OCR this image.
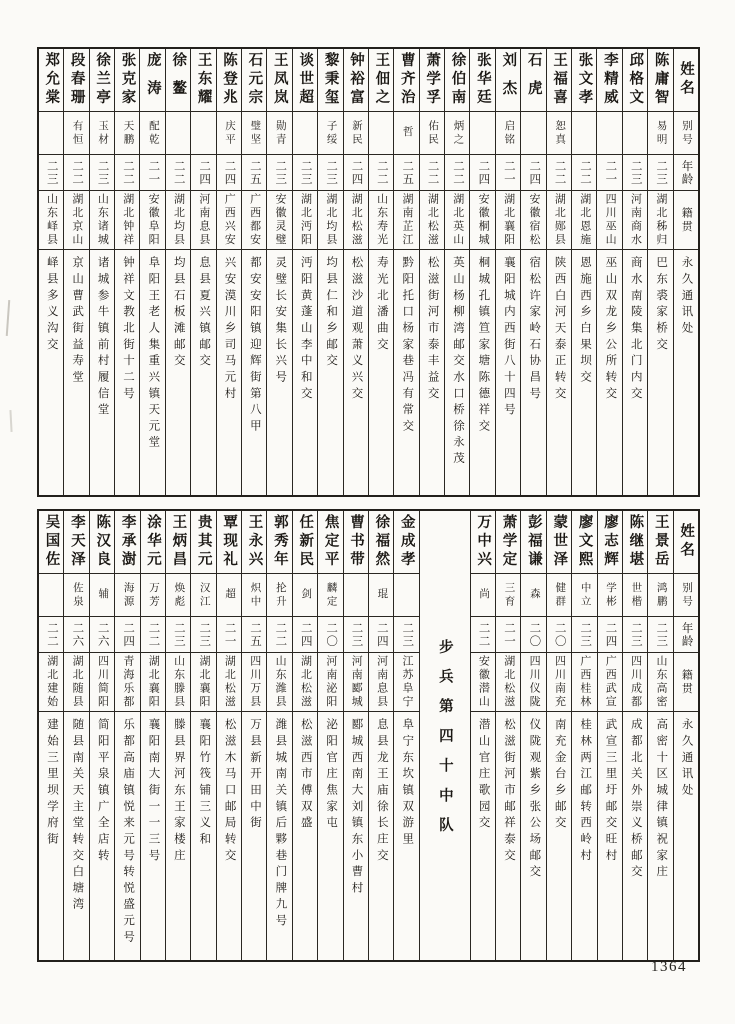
姓名
别号
年龄
籍贯
永久通讯处
陈庸智
易明
二三
湖北秭归
巴东裘家桥交
邱格文
二三
河南商水
商水南陵集北门内交
李精威
二一
四川巫山
巫山双龙乡公所转交
张文孝
二二
湖北恩施
恩施西乡白果坝交
王福喜
恕真
二二
湖北郧县
陕西白河天泰正转交
石虎
二四
安徽宿松
宿松许家岭石协昌号
刘杰
启铭
二一
湖北襄阳
襄阳城内西街八十四号
张华廷
二四
安徽桐城
桐城孔镇笪家塘陈德祥交
徐伯南
炳之
二二
湖北英山
英山杨柳湾邮交水口桥徐永茂
萧学孚
佑民
二二
湖北松滋
松滋街河市泰丰益交
曹齐治
哲
二五
湖南芷江
黔阳托口杨家巷冯有常交
王佃之
二二
山东寿光
寿光北潘曲交
钟裕富
新民
二四
湖北松滋
松滋沙道观萧义兴交
黎秉玺
子绥
二三
湖北均县
均县仁和乡邮交
谈世超
二三
湖北沔阳
沔阳黄蓬山李中和交
王凤岚
勋青
二三
安徽灵璧
灵璧长安集长兴号
石元宗
璧坚
二五
广西都安
都安安阳镇迎辉街第八甲
陈登兆
庆平
二四
广西兴安
兴安漠川乡司马元村
王东耀
二四
河南息县
息县夏兴镇邮交
徐鳌
二二
湖北均县
均县石板滩邮交
庞涛
配乾
二一
安徽阜阳
阜阳王老人集重兴镇天元堂
张克家
天鹏
二二
湖北钟祥
钟祥文教北街十二号
徐兰亭
玉材
二三
山东诸城
诸城参牛镇前村履信堂
段春珊
有恒
二二
湖北京山
京山曹武街益寿堂
郑允棠
二三
山东峄县
峄县多义沟交
姓名
别号
年龄
籍贯
永久通讯处
王景岳
鸿鹏
二三
山东高密
高密十区城律镇祝家庄
陈继堪
世楷
二三
四川成都
成都北关外崇义桥邮交
廖志辉
学彬
二四
广西武宣
武宣三里圩邮交旺村
廖文熙
中立
二三
广西桂林
桂林两江邮转西岭村
蒙世泽
健群
二〇
四川南充
南充金台乡邮交
彭福谦
森
二〇
四川仪陇
仪陇观紫乡张公场邮交
萧学定
三育
二一
湖北松滋
松滋街河市邮祥泰交
万中兴
尚
二二
安徽潜山
潜山官庄歌园交
步兵第四十中队
金成孝
二三
江苏阜宁
阜宁东坎镇双游里
徐福然
琨
二四
河南息县
息县龙王庙徐长庄交
曹书带
二三
河南郾城
郾城西南大刘镇东小曹村
焦定平
麟定
二〇
河南泌阳
泌阳官庄焦家屯
任新民
剑
二四
湖北松滋
松滋西市傅双盛
郭秀年
抡升
二二
山东潍县
潍县城南关镇后夥巷门牌九号
王永兴
炽中
二五
四川万县
万县新开田中街
覃现礼
超
二一
湖北松滋
松滋木马口邮局转交
贵其元
汉江
二三
湖北襄阳
襄阳竹筏铺三义和
王炳昌
焕彪
二三
山东滕县
滕县界河东王家楼庄
涂华元
万芳
二二
湖北襄阳
襄阳南大街一一三号
李承澍
海源
二四
青海乐都
乐都高庙镇悦来元号转悦盛元号
陈汉良
辅
二六
四川简阳
简阳平泉镇广全店转
李天泽
佐泉
二六
湖北随县
随县南关天主堂转交白塘湾
吴国佐
二二
湖北建始
建始三里坝学府街
1364
